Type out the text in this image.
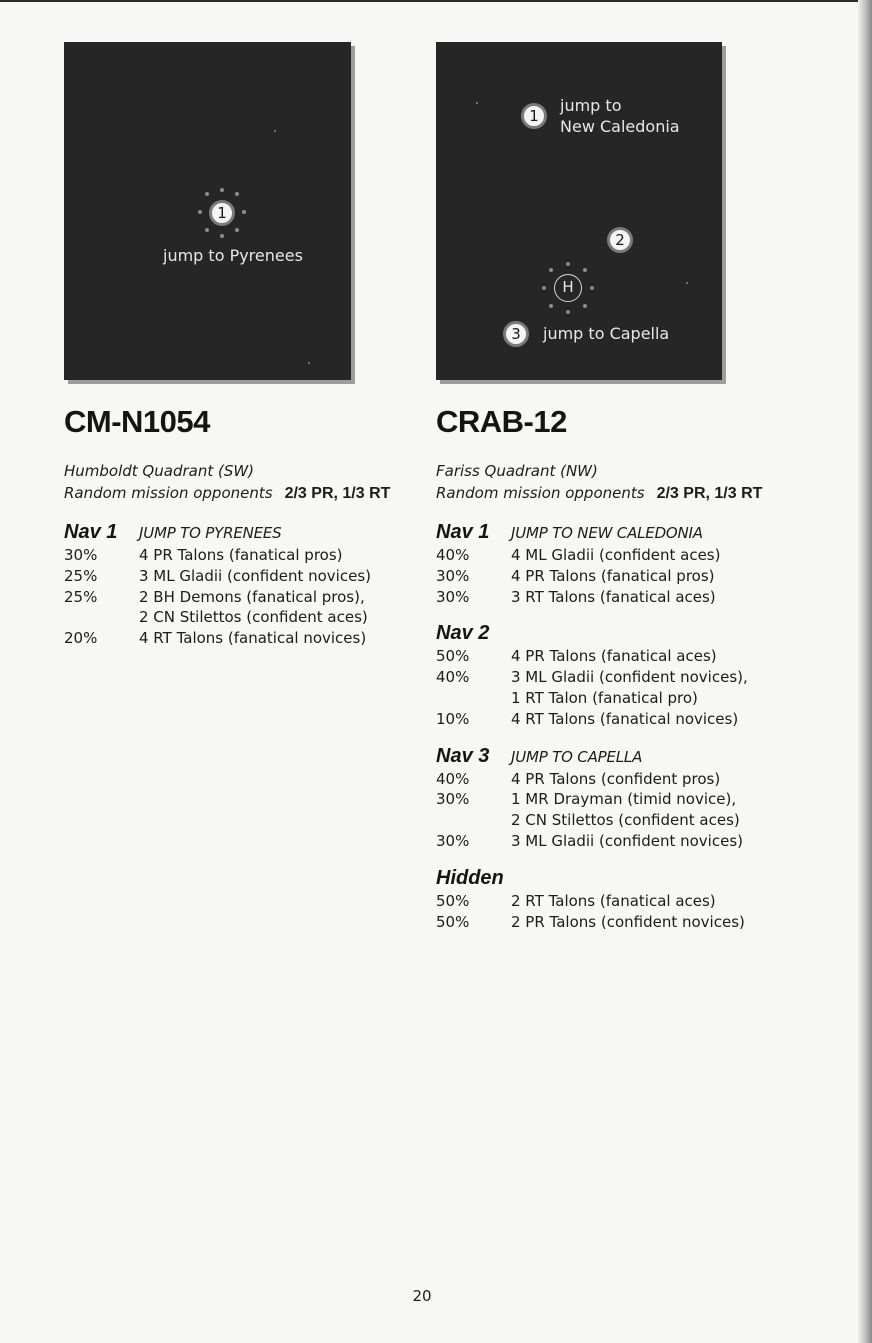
1
jump to Pyrenees
CM-N1054
Humboldt Quadrant (SW)
Random mission opponents 2/3 PR, 1/3 RT
Nav 1	JUMP TO PYRENEES
30%	4 PR Talons (fanatical pros)
25%	3 ML Gladii (confident novices)
25%	2 BH Demons (fanatical pros),
2 CN Stilettos (confident aces)
20%	4 RT Talons (fanatical novices)
1
jump to
New Caledonia
2
H
3	jump to Capella
CRAB-12
Fariss Quadrant (NW)
Random mission opponents 2/3 PR, 1/3 RT
Nav 1	JUMP TO NEW CALEDONIA
40%	4 ML Gladii (confident aces)
30%	4 PR Talons (fanatical pros)
30%	3 RT Talons (fanatical aces)
Nav 2
50%	4 PR Talons (fanatical aces)
40%	3 ML Gladii (confident novices),
1 RT Talon (fanatical pro)
10%	4 RT Talons (fanatical novices)
Nav 3	JUMP TO CAPELLA
40%	4 PR Talons (confident pros)
30%	1 MR Drayman (timid novice),
2 CN Stilettos (confident aces)
30%	3 ML Gladii (confident novices)
Hidden
50%	2 RT Talons (fanatical aces)
50%	2 PR Talons (confident novices)
20
